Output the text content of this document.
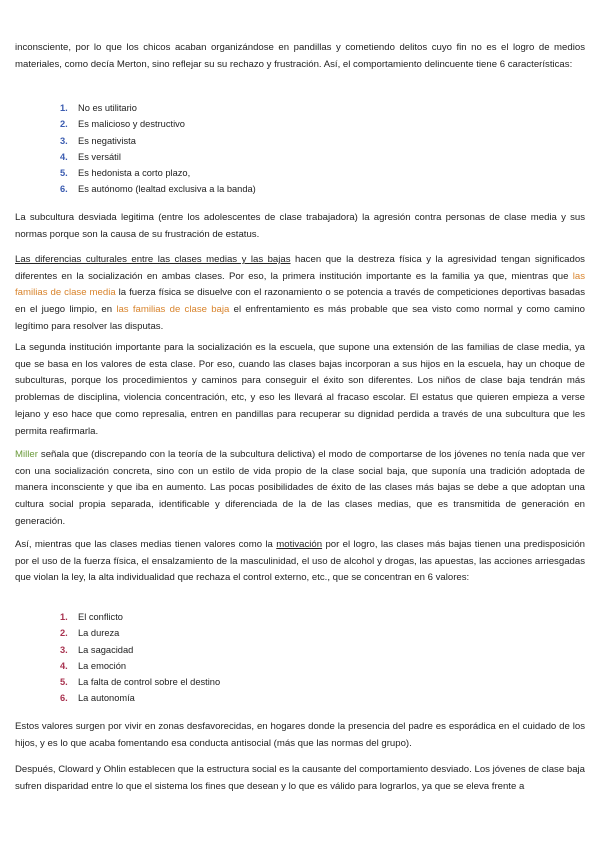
inconsciente, por lo que los chicos acaban organizándose en pandillas y cometiendo delitos cuyo fin no es el logro de medios materiales, como decía Merton, sino reflejar su su rechazo y frustración. Así, el comportamiento delincuente tiene 6 características:

1. No es utilitario
2. Es malicioso y destructivo
3. Es negativista
4. Es versátil
5. Es hedonista a corto plazo,
6. Es autónomo (lealtad exclusiva a la banda)

La subcultura desviada legitima (entre los adolescentes de clase trabajadora) la agresión contra personas de clase media y sus normas porque son la causa de su frustración de estatus.

Las diferencias culturales entre las clases medias y las bajas hacen que la destreza física y la agresividad tengan significados diferentes en la socialización en ambas clases. Por eso, la primera institución importante es la familia ya que, mientras que las familias de clase media la fuerza física se disuelve con el razonamiento o se potencia a través de competiciones deportivas basadas en el juego limpio, en las familias de clase baja el enfrentamiento es más probable que sea visto como normal y como camino legítimo para resolver las disputas.

La segunda institución importante para la socialización es la escuela, que supone una extensión de las familias de clase media, ya que se basa en los valores de esta clase. Por eso, cuando las clases bajas incorporan a sus hijos en la escuela, hay un choque de subculturas, porque los procedimientos y caminos para conseguir el éxito son diferentes. Los niños de clase baja tendrán más problemas de disciplina, violencia concentración, etc, y eso les llevará al fracaso escolar. El estatus que quieren empieza a verse lejano y eso hace que como represalia, entren en pandillas para recuperar su dignidad perdida a través de una subcultura que les permita reafirmarla.

Miller señala que (discrepando con la teoría de la subcultura delictiva) el modo de comportarse de los jóvenes no tenía nada que ver con una socialización concreta, sino con un estilo de vida propio de la clase social baja, que suponía una tradición adoptada de manera inconsciente y que iba en aumento. Las pocas posibilidades de éxito de las clases más bajas se debe a que adoptan una cultura social propia separada, identificable y diferenciada de la de las clases medias, que es transmitida de generación en generación.

Así, mientras que las clases medias tienen valores como la motivación por el logro, las clases más bajas tienen una predisposición por el uso de la fuerza física, el ensalzamiento de la masculinidad, el uso de alcohol y drogas, las apuestas, las acciones arriesgadas que violan la ley, la alta individualidad que rechaza el control externo, etc., que se concentran en 6 valores:

1. El conflicto
2. La dureza
3. La sagacidad
4. La emoción
5. La falta de control sobre el destino
6. La autonomía

Estos valores surgen por vivir en zonas desfavorecidas, en hogares donde la presencia del padre es esporádica en el cuidado de los hijos, y es lo que acaba fomentando esa conducta antisocial (más que las normas del grupo).

Después, Cloward y Ohlin establecen que la estructura social es la causante del comportamiento desviado. Los jóvenes de clase baja sufren disparidad entre lo que el sistema los fines que desean y lo que es válido para lograrlos, ya que se eleva frente a
